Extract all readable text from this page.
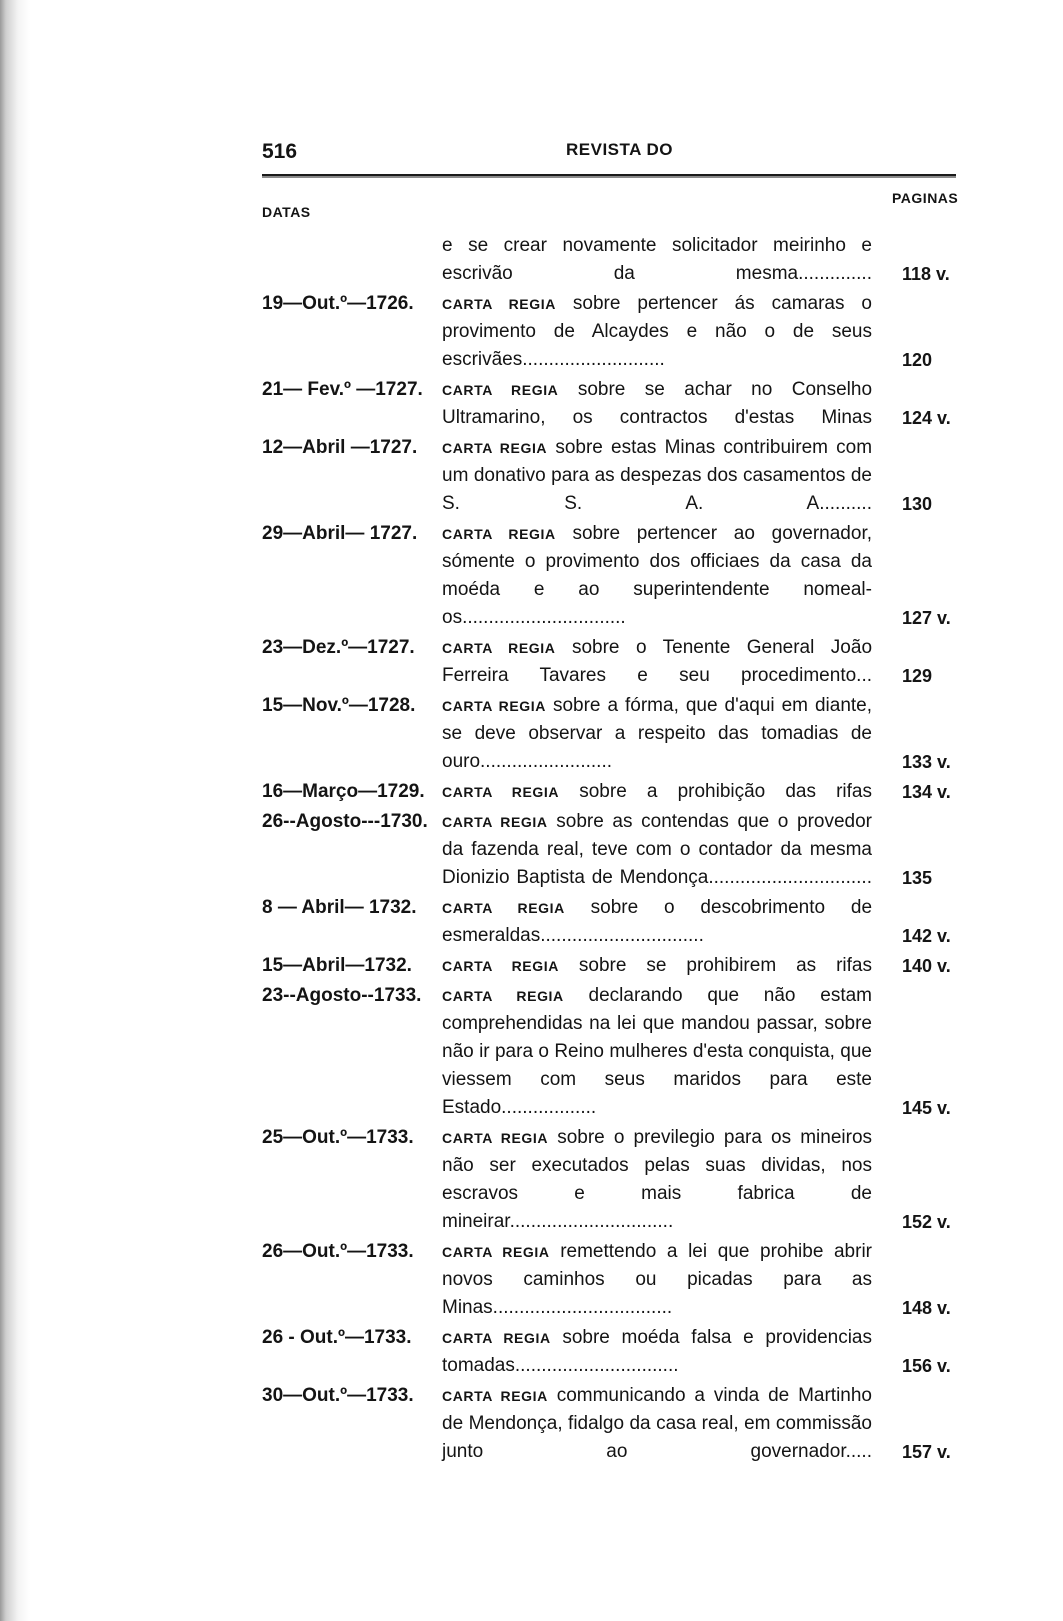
516	REVISTA DO
DATAS
PAGINAS
e se crear novamente solicitador meirinho e escrivão da mesma.............. 118 v.
19—Out.º—1726.	CARTA REGIA sobre pertencer ás camaras o provimento de Alcaydes e não o de seus escrivães...........................	120
21— Fev.º —1727.	CARTA REGIA sobre se achar no Conselho Ultramarino, os contractos d'estas Minas 124 v.
12—Abril —1727.	CARTA REGIA sobre estas Minas contribuirem com um donativo para as despezas dos casamentos de S. S. A. A.......... 130
29—Abril— 1727.	CARTA REGIA sobre pertencer ao governador, sómente o provimento dos officiaes da casa da moéda e ao superintendente nomeal-os...............................	127 v.
23—Dez.º—1727.	CARTA REGIA sobre o Tenente General João Ferreira Tavares e seu procedimento... 129
15—Nov.º—1728.	CARTA REGIA sobre a fórma, que d'aqui em diante, se deve observar a respeito das tomadias de ouro.........................	133 v.
16—Março—1729.	CARTA REGIA sobre a prohibição das rifas 134 v.
26--Agosto---1730.	CARTA REGIA sobre as contendas que o provedor da fazenda real, teve com o contador da mesma Dionizio Baptista de Mendonça............................... 135
8 — Abril— 1732.	CARTA REGIA sobre o descobrimento de esmeraldas...............................	142 v.
15—Abril—1732.	CARTA REGIA sobre se prohibirem as rifas 140 v.
23--Agosto--1733.	CARTA REGIA declarando que não estam comprehendidas na lei que mandou passar, sobre não ir para o Reino mulheres d'esta conquista, que viessem com seus maridos para este Estado..................	145 v.
25—Out.º—1733.	CARTA REGIA sobre o previlegio para os mineiros não ser executados pelas suas dividas, nos escravos e mais fabrica de mineirar...............................	152 v.
26—Out.º—1733.	CARTA REGIA remettendo a lei que prohibe abrir novos caminhos ou picadas para as Minas..................................	148 v.
26 - Out.º—1733.	CARTA REGIA sobre moéda falsa e providencias tomadas...............................	156 v.
30—Out.º—1733.	CARTA REGIA communicando a vinda de Martinho de Mendonça, fidalgo da casa real, em commissão junto ao governador..... 157 v.
